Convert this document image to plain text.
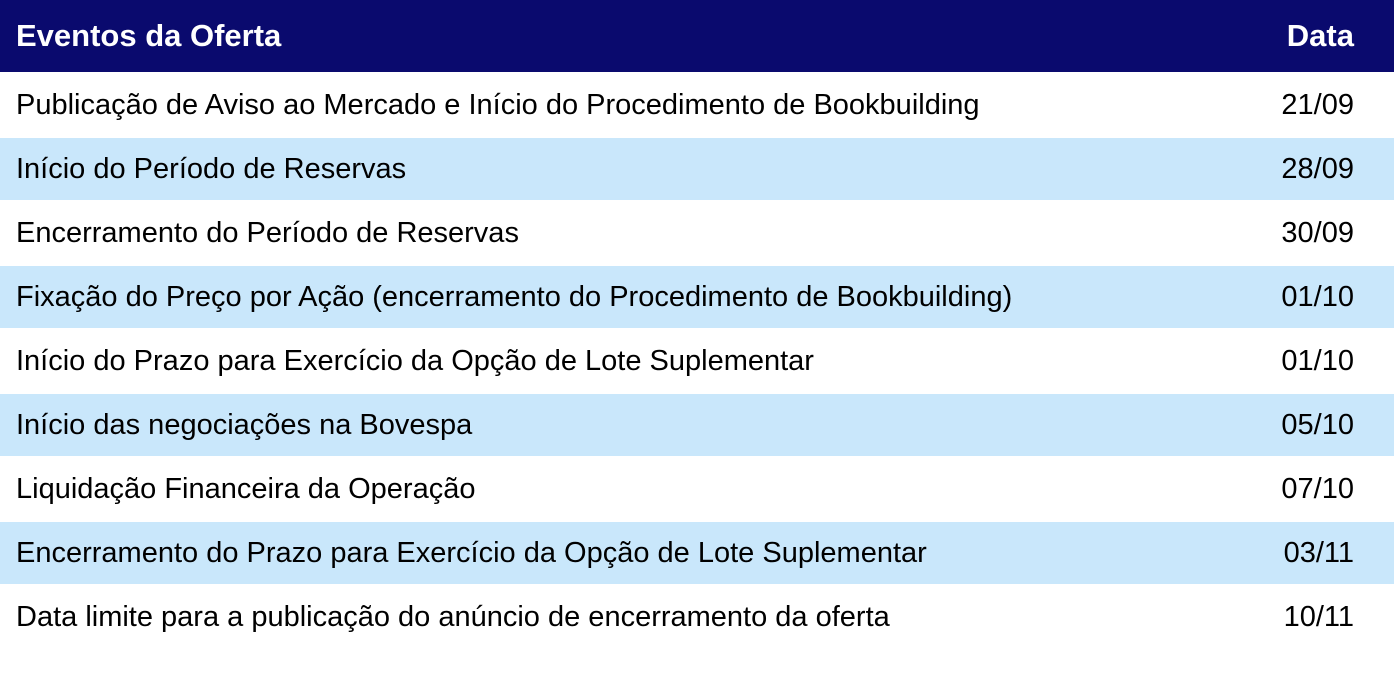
Eventos da Oferta	Data
Publicação de Aviso ao Mercado e Início do Procedimento de Bookbuilding	21/09
Início do Período de Reservas	28/09
Encerramento do Período de Reservas	30/09
Fixação do Preço por Ação (encerramento do Procedimento de Bookbuilding)	01/10
Início do Prazo para Exercício da Opção de Lote Suplementar	01/10
Início das negociações na Bovespa	05/10
Liquidação Financeira da Operação	07/10
Encerramento do Prazo para Exercício da Opção de Lote Suplementar	03/11
Data limite para a publicação do anúncio de encerramento da oferta	10/11
